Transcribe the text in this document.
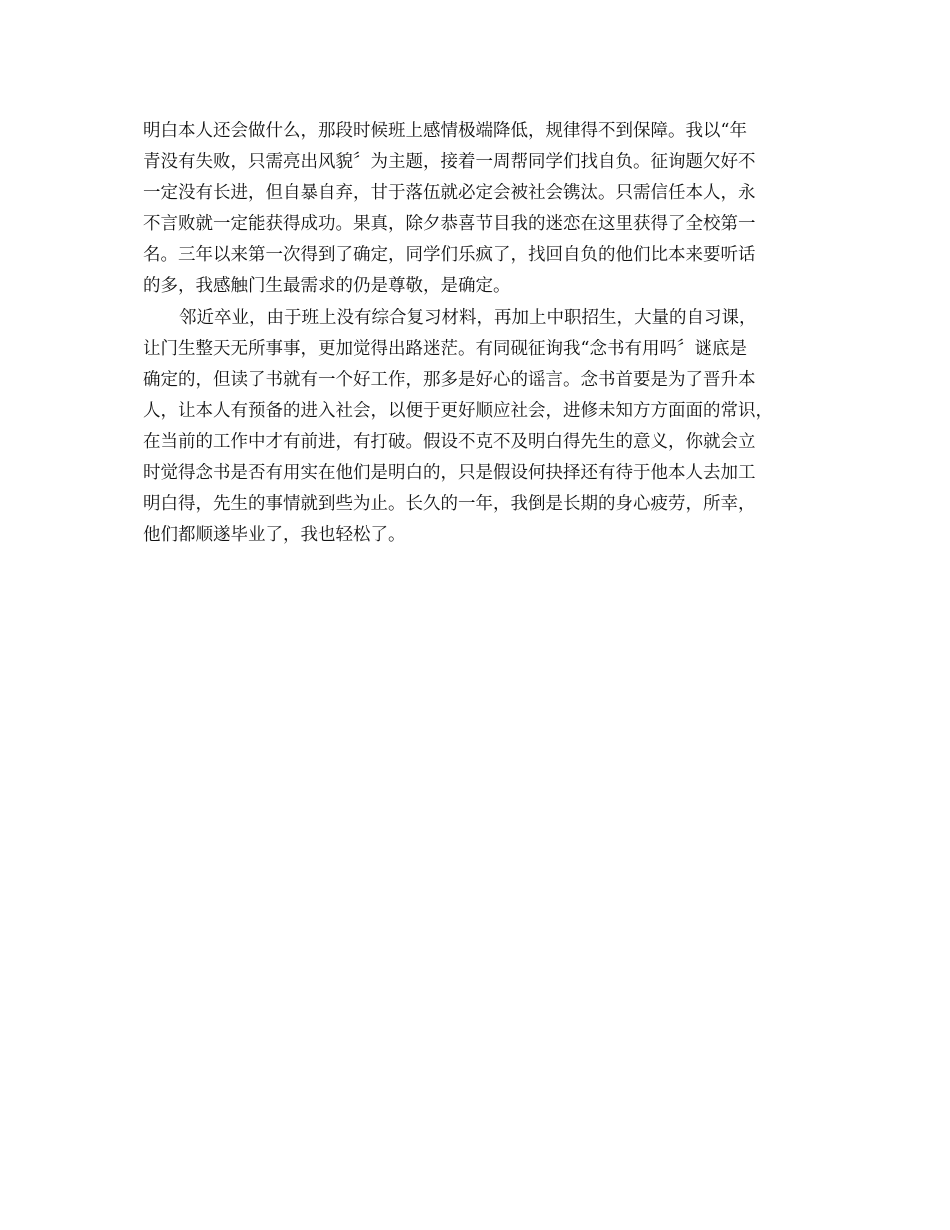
明白本人还会做什么，那段时候班上感情极端降低，规律得不到保障。我以“年
青没有失败，只需亮出风貌〞为主题，接着一周帮同学们找自负。征询题欠好不
一定没有长进，但自暴自弃，甘于落伍就必定会被社会镌汰。只需信任本人，永
不言败就一定能获得成功。果真，除夕恭喜节目我的迷恋在这里获得了全校第一
名。三年以来第一次得到了确定，同学们乐疯了，找回自负的他们比本来要听话
的多，我感触门生最需求的仍是尊敬，是确定。
邻近卒业，由于班上没有综合复习材料，再加上中职招生，大量的自习课，
让门生整天无所事事，更加觉得出路迷茫。有同砚征询我“念书有用吗〞谜底是
确定的，但读了书就有一个好工作，那多是好心的谣言。念书首要是为了晋升本
人，让本人有预备的进入社会，以便于更好顺应社会，进修未知方方面面的常识，
在当前的工作中才有前进，有打破。假设不克不及明白得先生的意义，你就会立
时觉得念书是否有用实在他们是明白的，只是假设何抉择还有待于他本人去加工
明白得，先生的事情就到些为止。长久的一年，我倒是长期的身心疲劳，所幸，
他们都顺遂毕业了，我也轻松了。
